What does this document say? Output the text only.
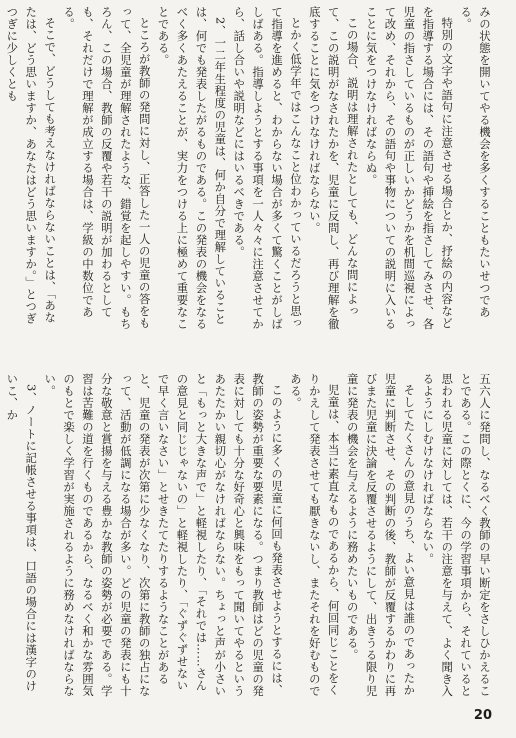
みの状態を開いてやる機会を多くすることもたいせつである。

特別の文字や語句に注意させる場合とか、抒絵の内容などを指導する場合には、その語句や挿絵を指さしてみさせ、各児童の指さしているものが正しいかどうかを机間巡視によって改め、それから、その語句や事物についての説明に入いることに気をつけなければならぬ。

この場合、説明は理解されたとしても、どんな問によって、この説明がなされたかを、児童に反問し、再び理解を徹底することに気をつけなければならない。

とかく低学年ではこんなこと位わかっているだろうと思って指導を進めると、わからない場合が多くて驚くことがしばしばある。指導しようとする事項を一人々々に注意させてから、話し合いや説明などにはいるべきである。

2、一二年生程度の児童は、何か自分で理解していることは、何でも発表したがるものである。この発表の機会をなるべく多くあたえることが、実力をつける上に極めて重要なことである。

ところが教師の発問に対し、正答した一人の児童の答をもって、全児童が理解されたような、錯覚を起しやすい。もちろん、この場合、教師の反覆や若干の説明が加わるとしても、それだけで理解が成立する場合は、学級の中数位である。

そこで、どうしても考えなければならないことは、「あなたは、どう思いますか、あなたはどう思いますか。」とつぎつぎに少しくとも

五六人に発問し、なるべく教師の早い断定をさしひかえることである。この際とくに、今の学習事項から、それていると思われる児童に対しては、若干の注意を与えて、よく聞き入るようにしむけなければならない。

そしてたくさんの意見のうち、よい意見は誰のであったか児童に判断させ、その判断の後、教師が反覆するかわりに再びまた児童に決論を反覆させるようにして、出きうる限り児童に発表の機会を与えるように務めたいものである。

児童は、本当に素直なものであるから、何回同じことをくりかえして発表させても厭きないし、またそれを好むものである。

このように多くの児童に何回も発表させようとするには、教師の姿勢が重要な要素になる。つまり教師はどの児童の発表に対しても十分な好奇心と興味をもって聞いてやるというあたたかい親切心がなければならない。ちょっと声が小さいと「もっと大きな声で」と軽視したり、「それでは……さんの意見と同じじゃないの」と軽視したり、「ぐずぐずせないで早く言いなさい」とせきたてたりするようなことがあると、児童の発表が次第に少なくなり、次第に教師の独占になって、活動が低調になる場合が多い。どの児童の発表にも十分な敬意と賞揚を与える豊かな教師の姿勢が必要である。学習は苦難の道を行くものであるから、なるべく和かな雰囲気のもとで楽しく学習が実施されるように務めなければならない。

3、ノートに記帳させる事項は、口語の場合には漢字のけいこ、か

20
